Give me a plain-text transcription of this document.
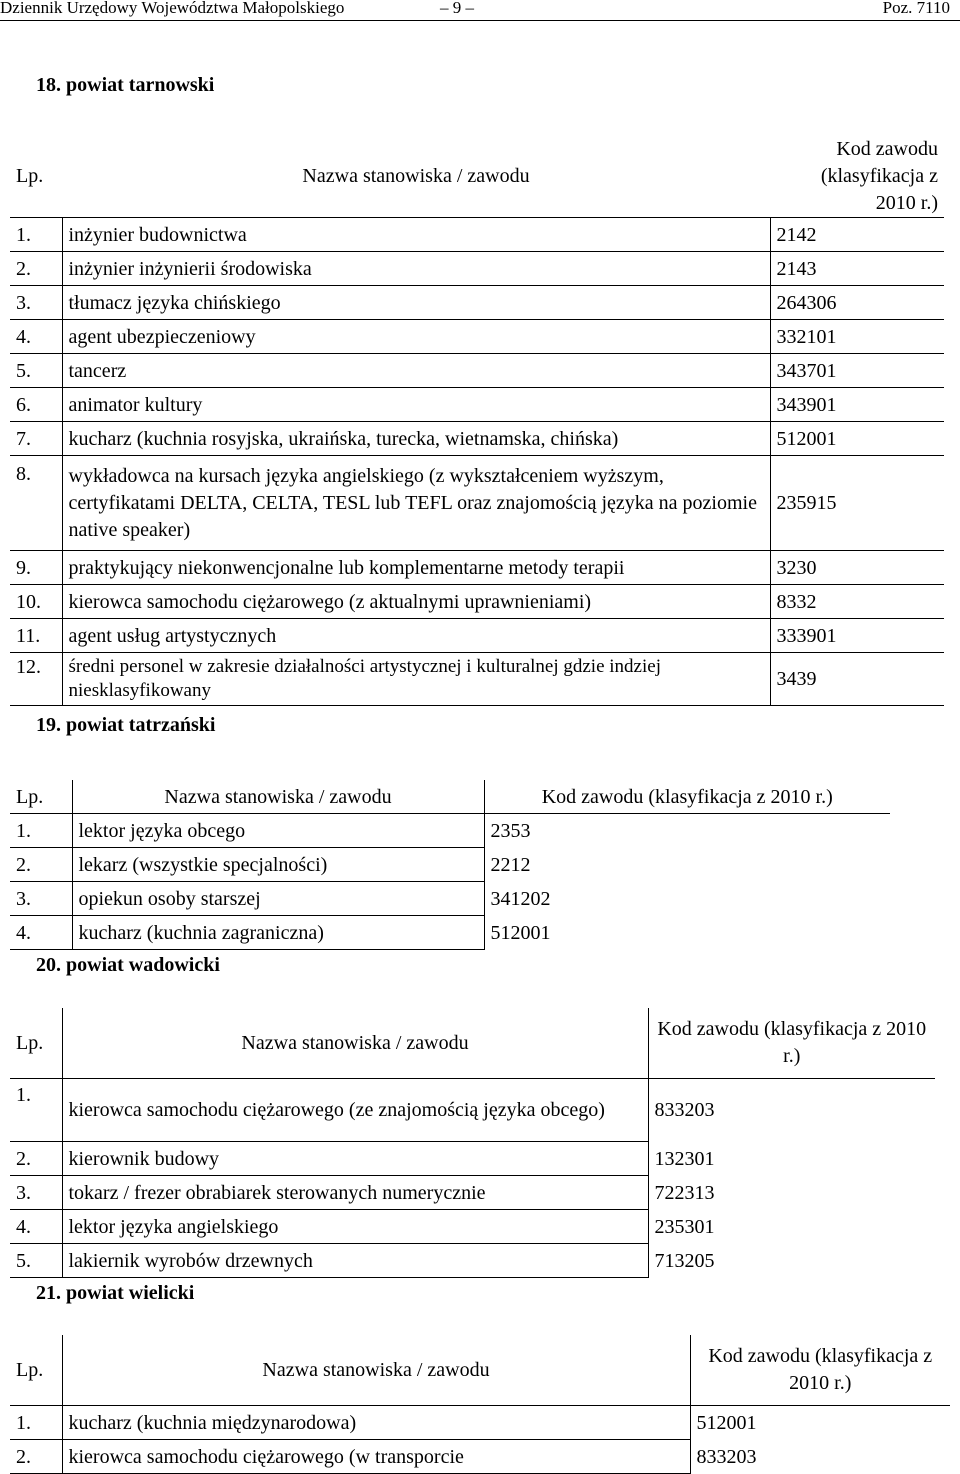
Dziennik Urzędowy Województwa Małopolskiego	– 9 –	Poz. 7110
18. powiat tarnowski
Lp.	Nazwa stanowiska / zawodu	Kod zawodu (klasyfikacja z 2010 r.)
1.	inżynier budownictwa	2142
2.	inżynier inżynierii środowiska	2143
3.	tłumacz języka chińskiego	264306
4.	agent ubezpieczeniowy	332101
5.	tancerz	343701
6.	animator kultury	343901
7.	kucharz (kuchnia rosyjska, ukraińska, turecka, wietnamska, chińska)	512001
8.	wykładowca na kursach języka angielskiego (z wykształceniem wyższym, certyfikatami DELTA, CELTA, TESL lub TEFL oraz znajomością języka na poziomie native speaker)	235915
9.	praktykujący niekonwencjonalne lub komplementarne metody terapii	3230
10.	kierowca samochodu ciężarowego (z aktualnymi uprawnieniami)	8332
11.	agent usług artystycznych	333901
12.	średni personel w zakresie działalności artystycznej i kulturalnej gdzie indziej niesklasyfikowany	3439
19. powiat tatrzański
Lp.	Nazwa stanowiska / zawodu	Kod zawodu (klasyfikacja z 2010 r.)
1.	lektor języka obcego	2353
2.	lekarz (wszystkie specjalności)	2212
3.	opiekun osoby starszej	341202
4.	kucharz (kuchnia zagraniczna)	512001
20. powiat wadowicki
Lp.	Nazwa stanowiska / zawodu	Kod zawodu (klasyfikacja z 2010 r.)
1.	kierowca samochodu ciężarowego (ze znajomością języka obcego)	833203
2.	kierownik budowy	132301
3.	tokarz / frezer obrabiarek sterowanych numerycznie	722313
4.	lektor języka angielskiego	235301
5.	lakiernik wyrobów drzewnych	713205
21. powiat wielicki
Lp.	Nazwa stanowiska / zawodu	Kod zawodu (klasyfikacja z 2010 r.)
1.	kucharz (kuchnia międzynarodowa)	512001
2.	kierowca samochodu ciężarowego (w transporcie	833203
